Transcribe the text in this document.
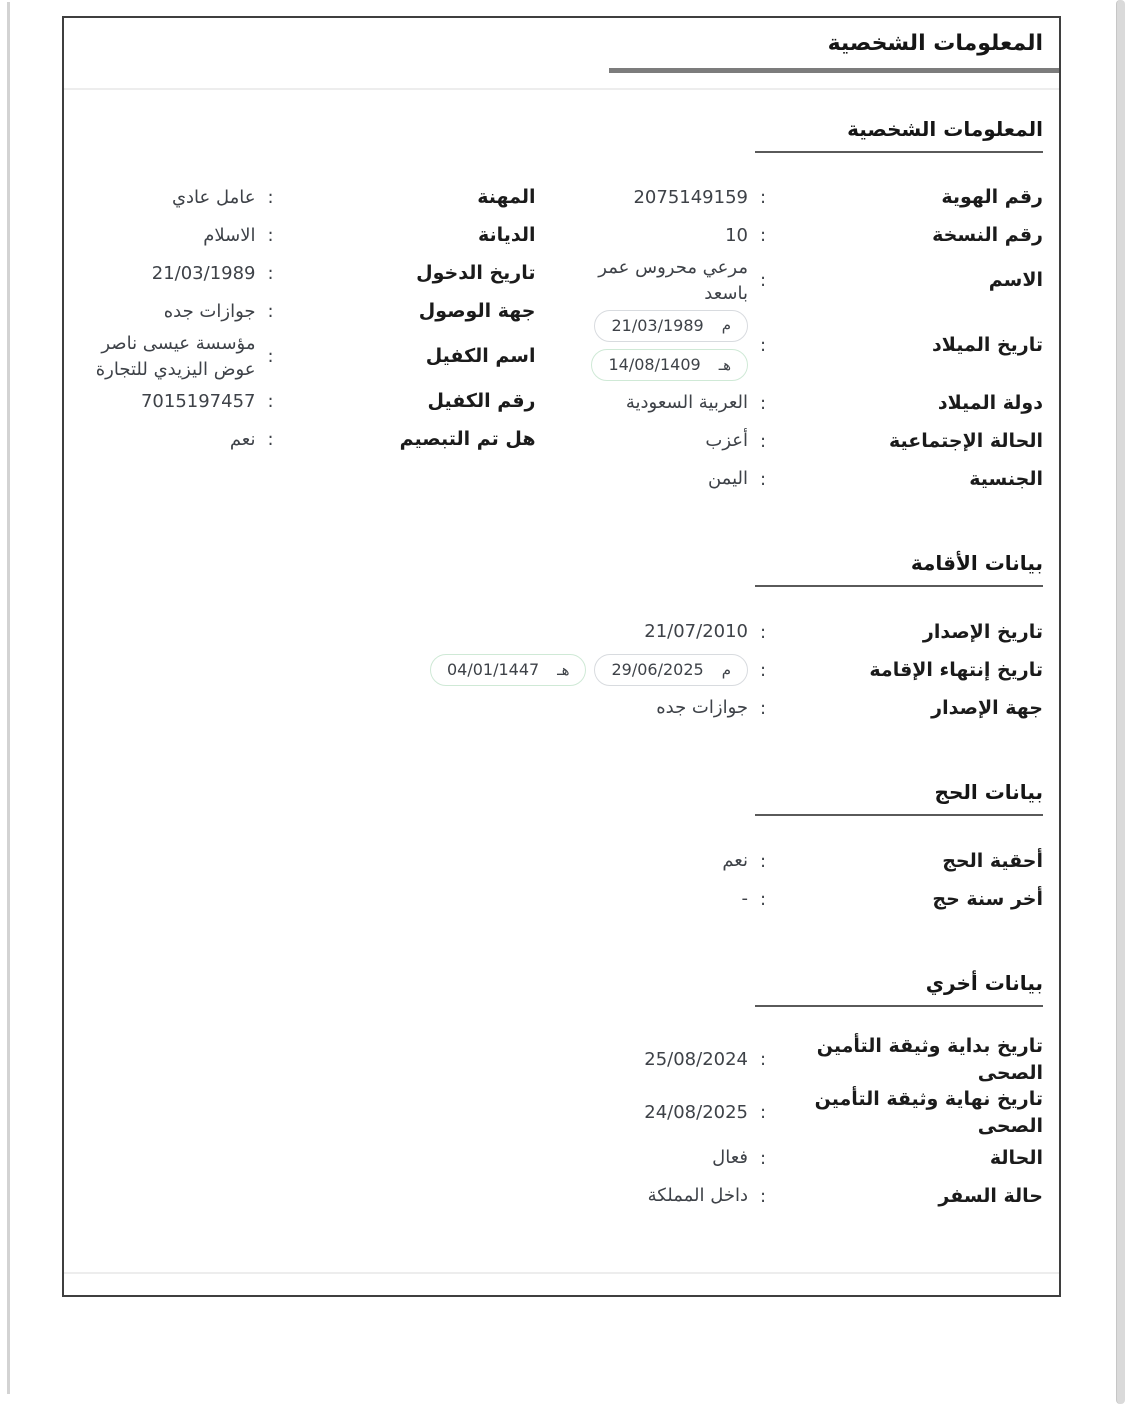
المعلومات الشخصية
المعلومات الشخصية
رقم الهوية
:
2075149159
رقم النسخة
:
10
الاسم
:
مرعي محروس عمر باسعد
تاريخ الميلاد
:
م
21/03/1989
هـ
14/08/1409
دولة الميلاد
:
العربية السعودية
الحالة الإجتماعية
:
أعزب
الجنسية
:
اليمن
المهنة
:
عامل عادي
الديانة
:
الاسلام
تاريخ الدخول
:
21/03/1989
جهة الوصول
:
جوازات جده
اسم الكفيل
:
مؤسسة عيسى ناصر عوض اليزيدي للتجارة
رقم الكفيل
:
7015197457
هل تم التبصيم
:
نعم
بيانات الأقامة
تاريخ الإصدار
:
21/07/2010
تاريخ إنتهاء الإقامة
:
م
29/06/2025
هـ
04/01/1447
جهة الإصدار
:
جوازات جده
بيانات الحج
أحقية الحج
:
نعم
أخر سنة حج
:
-
بيانات أخري
تاريخ بداية وثيقة التأمين الصحى
:
25/08/2024
تاريخ نهاية وثيقة التأمين الصحى
:
24/08/2025
الحالة
:
فعال
حالة السفر
:
داخل المملكة
